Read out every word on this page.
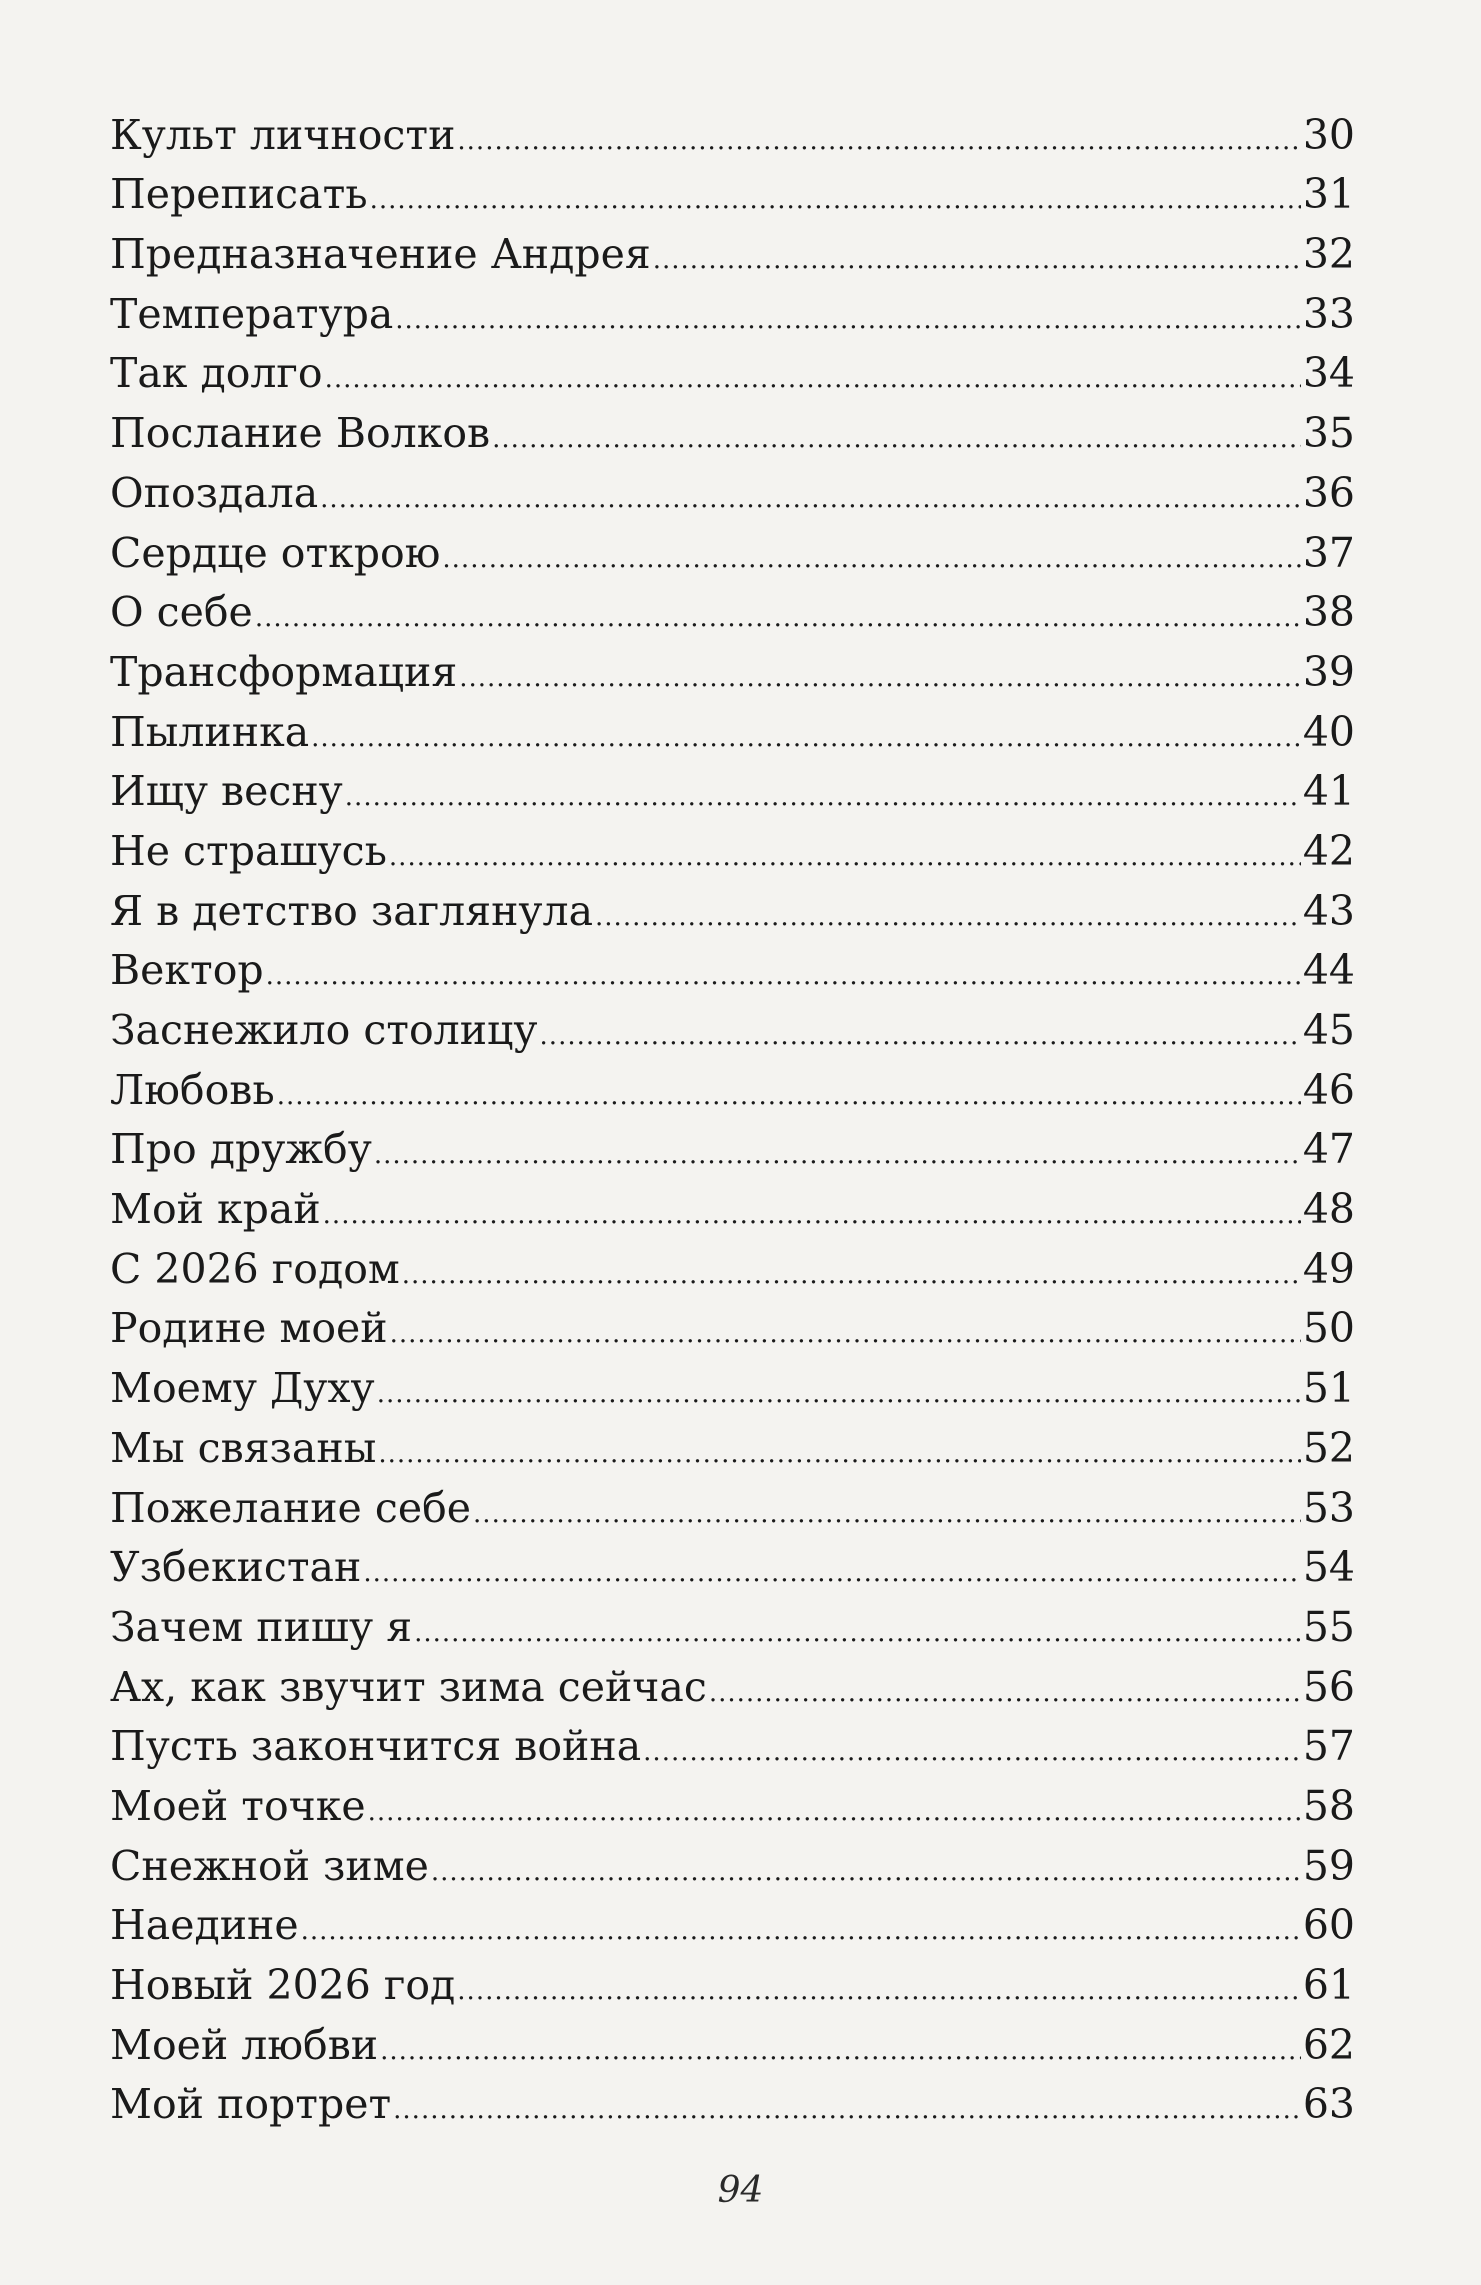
Культ личности .....	30
Переписать .....	31
Предназначение Андрея .....	32
Температура .....	33
Так долго .....	34
Послание Волков .....	35
Опоздала .....	36
Сердце открою .....	37
О себе .....	38
Трансформация .....	39
Пылинка .....	40
Ищу весну .....	41
Не страшусь .....	42
Я в детство заглянула .....	43
Вектор .....	44
Заснежило столицу .....	45
Любовь .....	46
Про дружбу .....	47
Мой край .....	48
С 2026 годом .....	49
Родине моей .....	50
Моему Духу .....	51
Мы связаны .....	52
Пожелание себе .....	53
Узбекистан .....	54
Зачем пишу я .....	55
Ах, как звучит зима сейчас .....	56
Пусть закончится война .....	57
Моей точке .....	58
Снежной зиме .....	59
Наедине .....	60
Новый 2026 год .....	61
Моей любви .....	62
Мой портрет .....	63
94
